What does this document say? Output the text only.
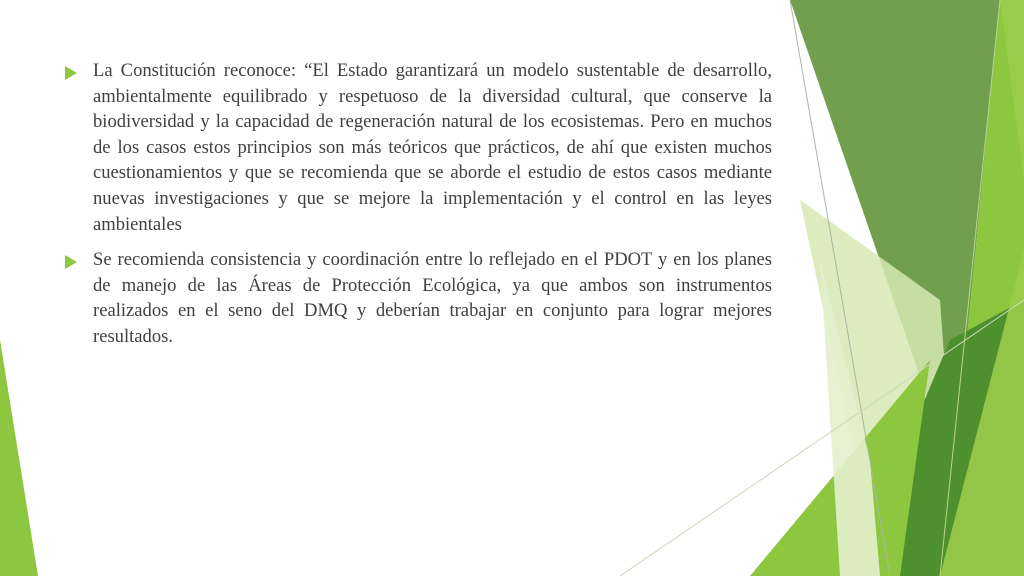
La Constitución reconoce: “El Estado garantizará un modelo sustentable de desarrollo, ambientalmente equilibrado y respetuoso de la diversidad cultural, que conserve la biodiversidad y la capacidad de regeneración natural de los ecosistemas. Pero en muchos de los casos estos principios son más teóricos que prácticos, de ahí que existen muchos cuestionamientos y que se recomienda que se aborde el estudio de estos casos mediante nuevas investigaciones y que se mejore la implementación y el control en las leyes ambientales
Se recomienda consistencia y coordinación entre lo reflejado en el PDOT y en los planes de manejo de las Áreas de Protección Ecológica, ya que ambos son instrumentos realizados en el seno del DMQ y deberían trabajar en conjunto para lograr mejores resultados.
